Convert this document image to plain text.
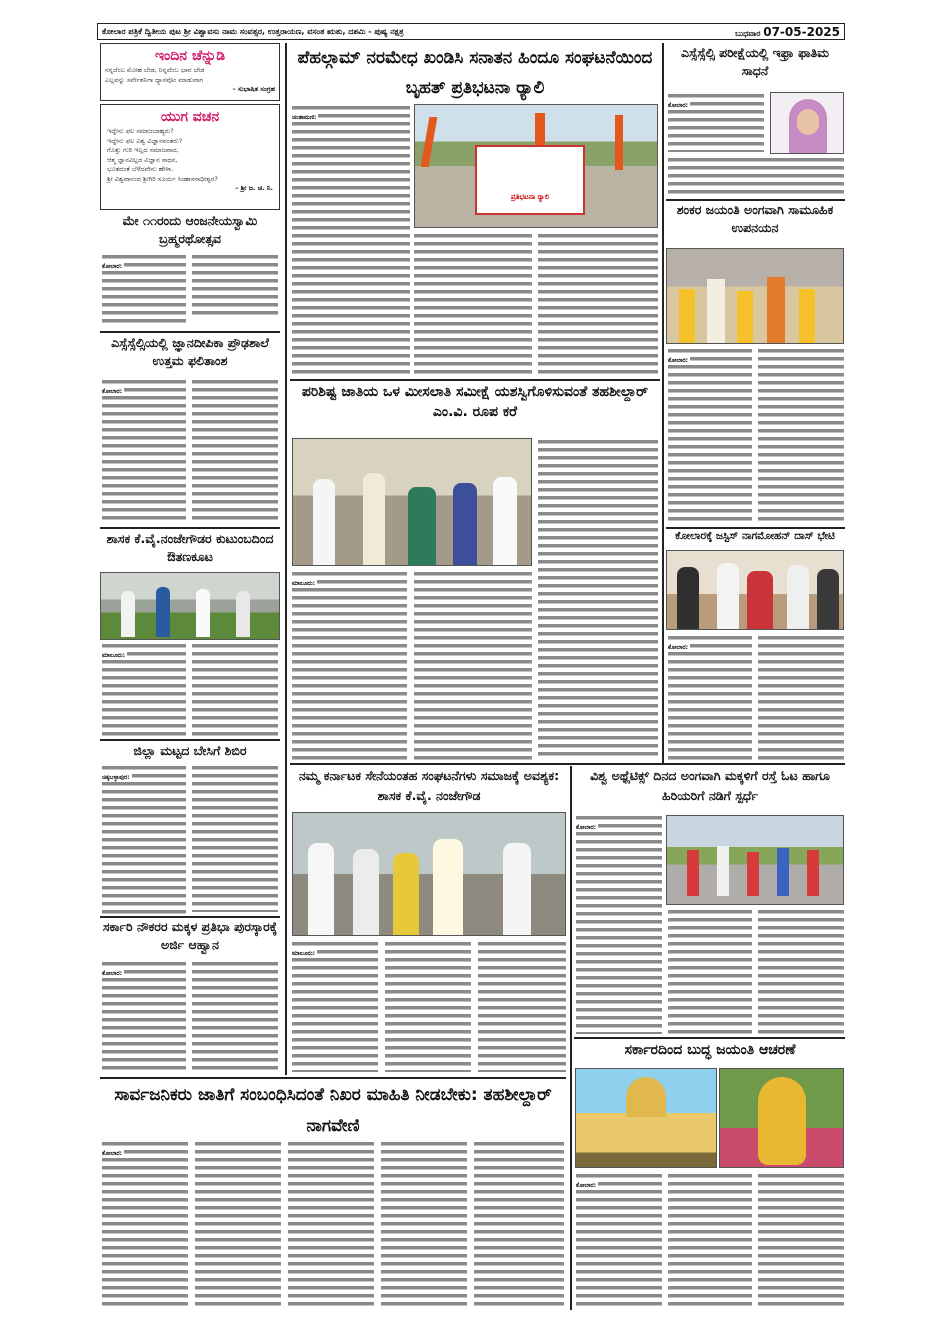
ಕೋಲಾರ ಪತ್ರಿಕೆ ದ್ವಿತೀಯ ಪುಟ ಶ್ರೀ ವಿಶ್ವಾವಸು ನಾಮ ಸಂವತ್ಸರ, ಉತ್ತರಾಯಣ, ವಸಂತ ಋತು, ದಶಮಿ - ಪುಷ್ಯ ನಕ್ಷತ್ರ	ಬುಧವಾರ 07-05-2025
ಇಂದಿನ ಚೆನ್ನುಡಿ
ನನ್ನದೆಂಬ ಮೋಹ ಬೇಡ, ನಿನ್ನದೆಂಬ ಭಾವ ಬೇಡ
ಎಲ್ಲವನ್ನು ಸರ್ವೇಶನಿಗಾ ಧ್ಯಾನವೊಂ ಮಾಡುವಾಗ
– ಸುಭಾಷಿತ ಸಂಗ್ರಹ
ಯುಗ ವಚನ
ಇದ್ದೇನು ಫಲ ಸಮಾಜಬಾಹ್ಯರು?
ಇದ್ದೇನು ಫಲ ವಿಶ್ವ ವಿಜ್ಞಾನವಂತರು?
ಗೊತ್ತು ಗುರಿ ಇಲ್ಲದ ಸಮಾಜವಾದ,
ಆತ್ಮ ಜ್ಞಾನವಿಲ್ಲದ ವಿಜ್ಞಾನ ಸಾಧನ,
ಭೂತದಂತೆ ಬೆಳೆದವೇನು ಹೇಳಾ.
ಶ್ರೀ ವಿಶ್ವವಾನಂದ ಶ್ರೀಗಿರಿ ಸೂರ್ಯ ಸಿಂಹಾಸನಾಧೀಶ್ವರ?
– ಶ್ರೀ ಜ. ಚ. ನಿ.
ಮೇ ೧೧ರಂದು ಆಂಜನೇಯಸ್ವಾಮಿ ಬ್ರಹ್ಮರಥೋತ್ಸವ
ಕೋಲಾರ:
ಎಸ್ಸೆಸ್ಸೆಲ್ಸಿಯಲ್ಲಿ ಜ್ಞಾನದೀಪಿಕಾ ಪ್ರೌಢಶಾಲೆ ಉತ್ತಮ ಫಲಿತಾಂಶ
ಕೋಲಾರ:
ಶಾಸಕ ಕೆ.ವೈ.ನಂಜೇಗೌಡರ ಕುಟುಂಬದಿಂದ ಔತಣಕೂಟ
ಮಾಲೂರು:
ಜಿಲ್ಲಾ ಮಟ್ಟದ ಬೇಸಿಗೆ ಶಿಬಿರ
ಚಿಕ್ಕಬಳ್ಳಾಪುರ:
ಸರ್ಕಾರಿ ನೌಕರರ ಮಕ್ಕಳ ಪ್ರತಿಭಾ ಪುರಸ್ಕಾರಕ್ಕೆ ಅರ್ಜಿ ಆಹ್ವಾನ
ಕೋಲಾರ:
ಪೆಹಲ್ಗಾಮ್ ನರಮೇಧ ಖಂಡಿಸಿ ಸನಾತನ ಹಿಂದೂ ಸಂಘಟನೆಯಿಂದ ಬೃಹತ್ ಪ್ರತಿಭಟನಾ ರ್‍ಯಾಲಿ
ಚಿಂತಾಮಣಿ:
ಪ್ರತಿಭಟನಾ ರ್‍ಯಾಲಿ
ಪರಿಶಿಷ್ಟ ಜಾತಿಯ ಒಳ ಮೀಸಲಾತಿ ಸಮೀಕ್ಷೆ ಯಶಸ್ವಿಗೊಳಿಸುವಂತೆ ತಹಶೀಲ್ದಾರ್ ಎಂ.ವಿ. ರೂಪ ಕರೆ
ಮಾಲೂರು:
ನಮ್ಮ ಕರ್ನಾಟಕ ಸೇನೆಯಂತಹ ಸಂಘಟನೆಗಳು ಸಮಾಜಕ್ಕೆ ಅವಶ್ಯಕ: ಶಾಸಕ ಕೆ.ವೈ. ನಂಜೇಗೌಡ
ಮಾಲೂರು:
ಎಸ್ಸೆಸ್ಸೆಲ್ಸಿ ಪರೀಕ್ಷೆಯಲ್ಲಿ ಇಫ್ರಾ ಫಾತಿಮ ಸಾಧನೆ
ಕೋಲಾರ:
ಶಂಕರ ಜಯಂತಿ ಅಂಗವಾಗಿ ಸಾಮೂಹಿಕ ಉಪನಯನ
ಕೋಲಾರ:
ಕೋಲಾರಕ್ಕೆ ಜಸ್ಟಿಸ್ ನಾಗಮೋಹನ್ ದಾಸ್ ಭೇಟಿ
ಕೋಲಾರ:
ವಿಶ್ವ ಅಥ್ಲೆಟಿಕ್ಸ್ ದಿನದ ಅಂಗವಾಗಿ ಮಕ್ಕಳಿಗೆ ರಸ್ತೆ ಓಟ ಹಾಗೂ ಹಿರಿಯರಿಗೆ ನಡಿಗೆ ಸ್ಪರ್ಧೆ
ಕೋಲಾರ:
ಸರ್ಕಾರದಿಂದ ಬುದ್ಧ ಜಯಂತಿ ಆಚರಣೆ
ಕೋಲಾರ:
ಸಾರ್ವಜನಿಕರು ಜಾತಿಗೆ ಸಂಬಂಧಿಸಿದಂತೆ ನಿಖರ ಮಾಹಿತಿ ನೀಡಬೇಕು: ತಹಶೀಲ್ದಾರ್ ನಾಗವೇಣಿ
ಕೋಲಾರ:
